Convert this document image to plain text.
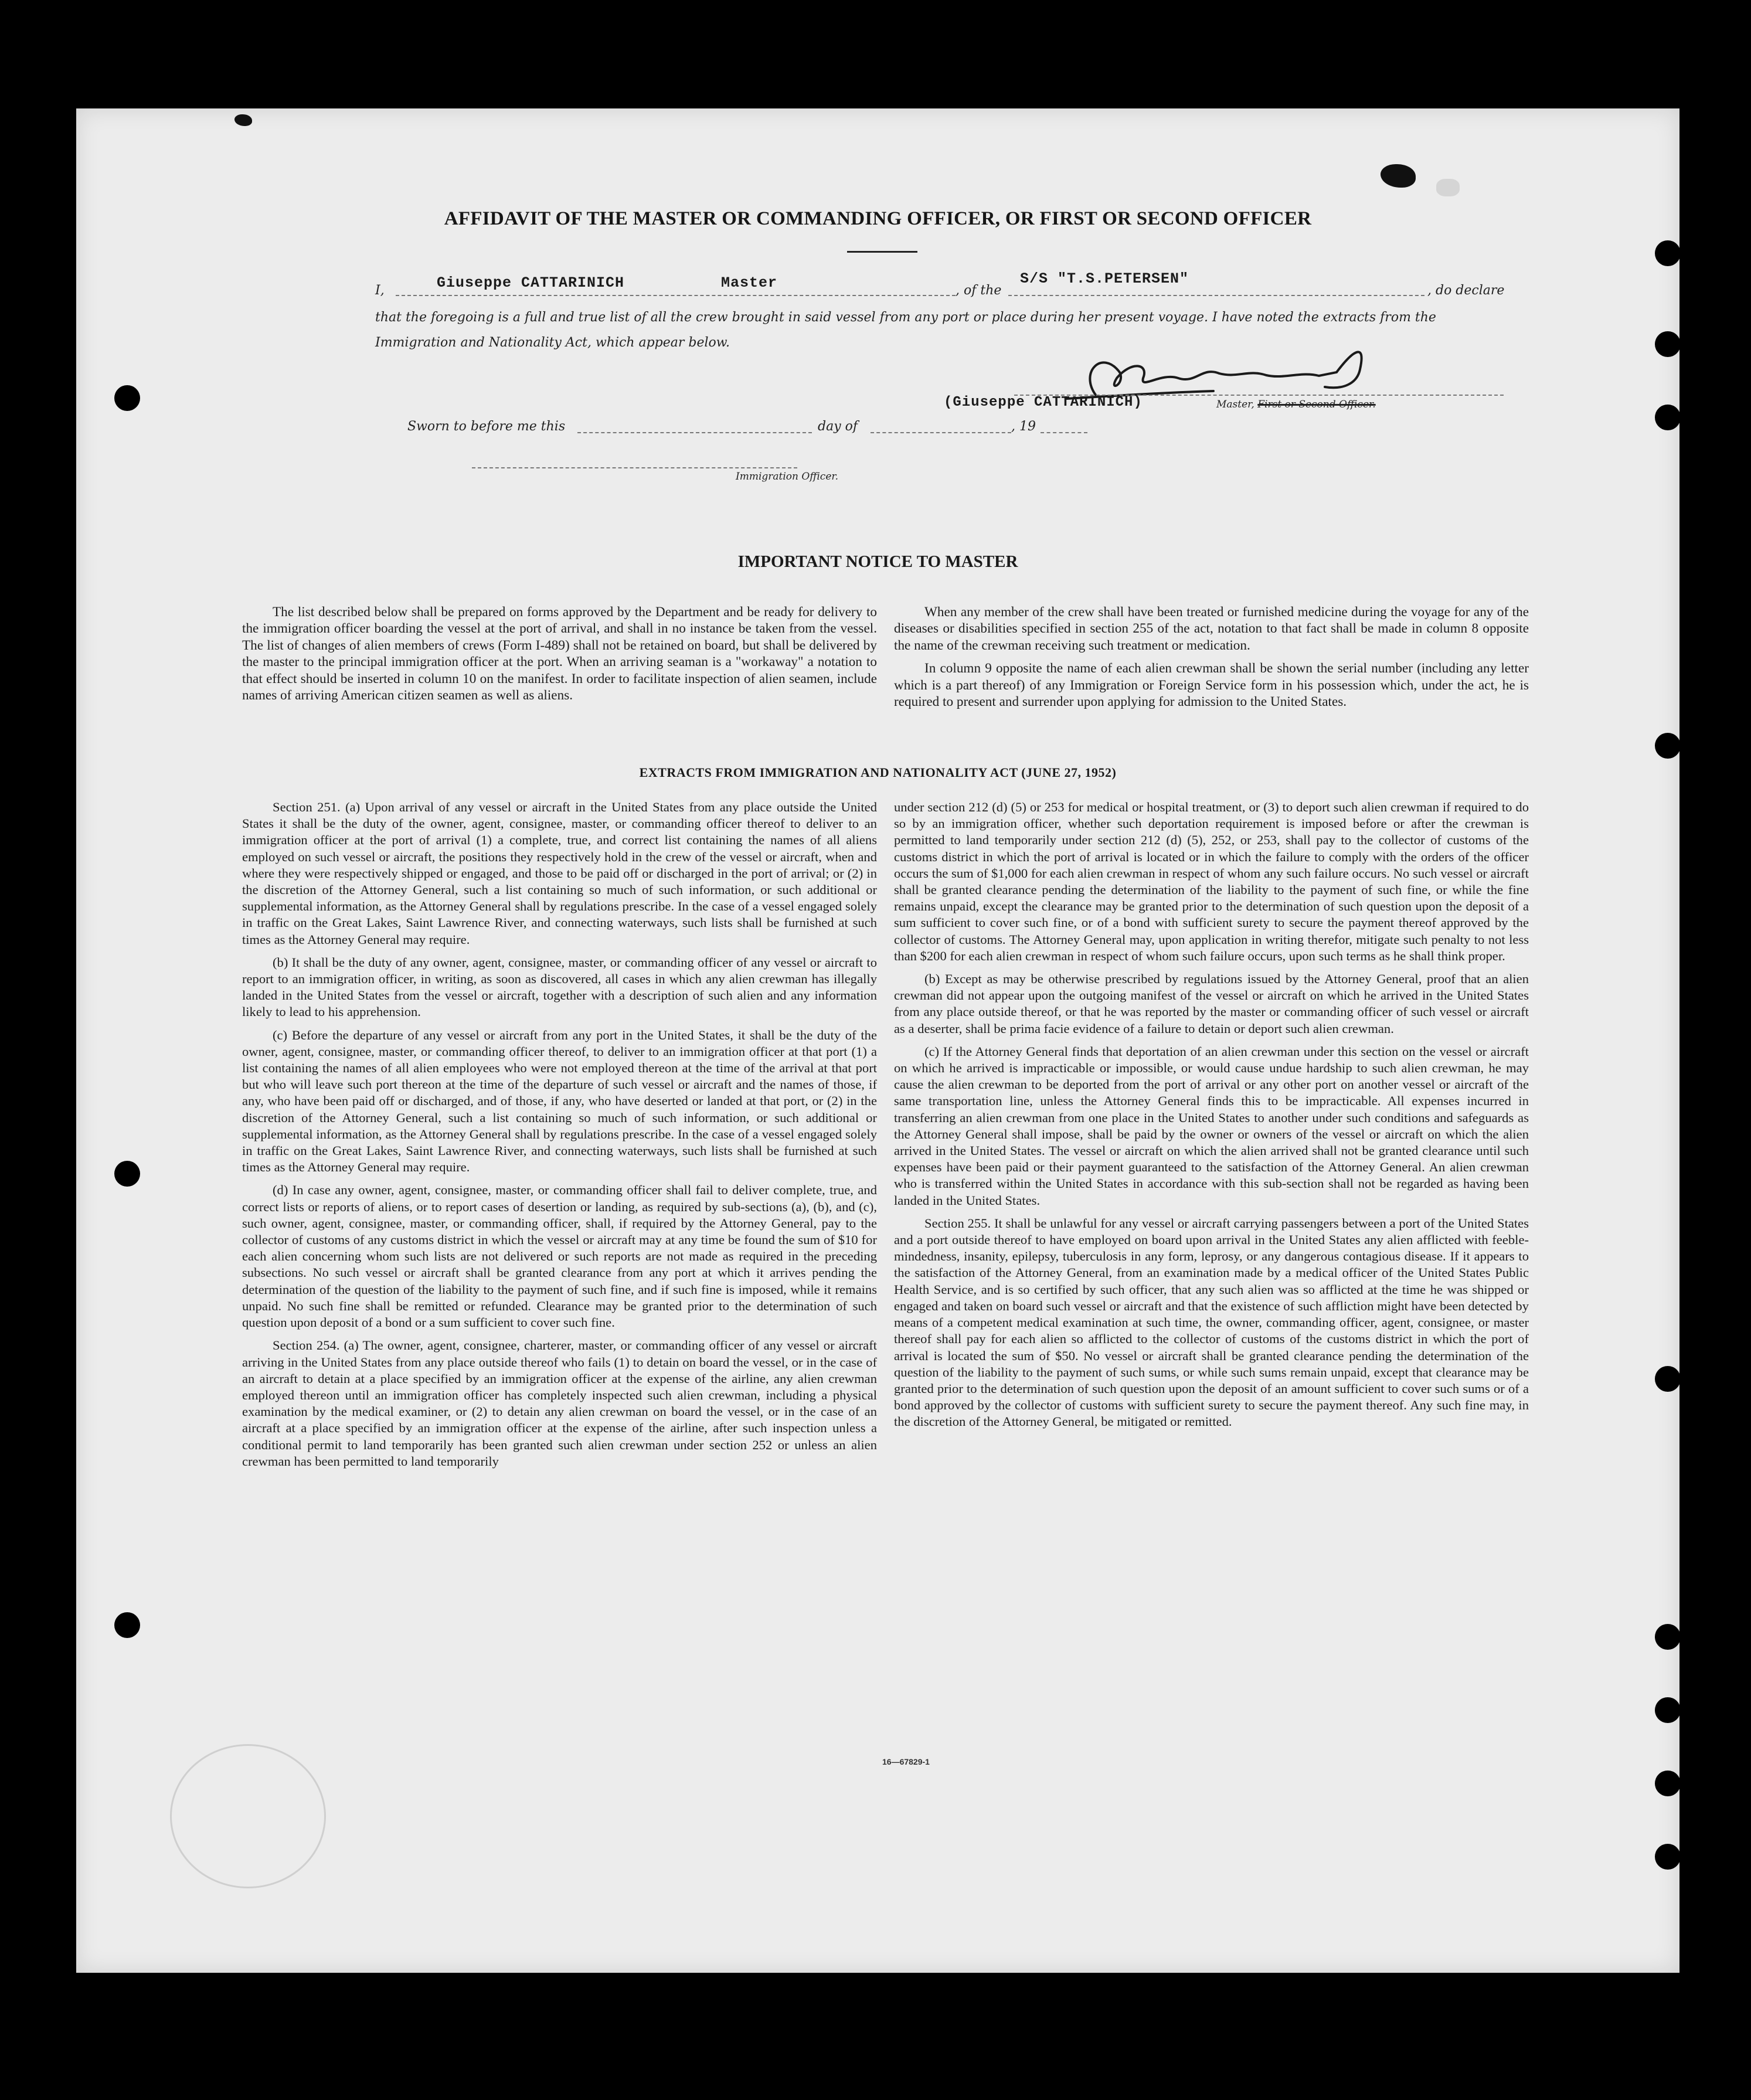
AFFIDAVIT OF THE MASTER OR COMMANDING OFFICER, OR FIRST OR SECOND OFFICER
I,	Giuseppe CATTARINICH	Master	, of the
S/S "T.S.PETERSEN"
, do declare
that the foregoing is a full and true list of all the crew brought in said vessel from any port or place during her present voyage. I have noted the extracts from the Immigration and Nationality Act, which appear below.
(Giuseppe CATTARINICH)	Master, First or Second Officer.
Sworn to before me this	day of	, 19
Immigration Officer.
IMPORTANT NOTICE TO MASTER

The list described below shall be prepared on forms approved by the Department and be ready for delivery to the immigration officer boarding the vessel at the port of arrival, and shall in no instance be taken from the vessel. The list of changes of alien members of crews (Form I-489) shall not be retained on board, but shall be delivered by the master to the principal immigration officer at the port. When an arriving seaman is a "workaway" a notation to that effect should be inserted in column 10 on the manifest. In order to facilitate inspection of alien seamen, include names of arriving American citizen seamen as well as aliens.

When any member of the crew shall have been treated or furnished medicine during the voyage for any of the diseases or disabilities specified in section 255 of the act, notation to that fact shall be made in column 8 opposite the name of the crewman receiving such treatment or medication.

In column 9 opposite the name of each alien crewman shall be shown the serial number (including any letter which is a part thereof) of any Immigration or Foreign Service form in his possession which, under the act, he is required to present and surrender upon applying for admission to the United States.

EXTRACTS FROM IMMIGRATION AND NATIONALITY ACT (JUNE 27, 1952)

Section 251. (a) Upon arrival of any vessel or aircraft in the United States from any place outside the United States it shall be the duty of the owner, agent, consignee, master, or commanding officer thereof to deliver to an immigration officer at the port of arrival (1) a complete, true, and correct list containing the names of all aliens employed on such vessel or aircraft, the positions they respectively hold in the crew of the vessel or aircraft, when and where they were respectively shipped or engaged, and those to be paid off or discharged in the port of arrival; or (2) in the discretion of the Attorney General, such a list containing so much of such information, or such additional or supplemental information, as the Attorney General shall by regulations prescribe. In the case of a vessel engaged solely in traffic on the Great Lakes, Saint Lawrence River, and connecting waterways, such lists shall be furnished at such times as the Attorney General may require.

(b) It shall be the duty of any owner, agent, consignee, master, or commanding officer of any vessel or aircraft to report to an immigration officer, in writing, as soon as discovered, all cases in which any alien crewman has illegally landed in the United States from the vessel or aircraft, together with a description of such alien and any information likely to lead to his apprehension.

(c) Before the departure of any vessel or aircraft from any port in the United States, it shall be the duty of the owner, agent, consignee, master, or commanding officer thereof, to deliver to an immigration officer at that port (1) a list containing the names of all alien employees who were not employed thereon at the time of the arrival at that port but who will leave such port thereon at the time of the departure of such vessel or aircraft and the names of those, if any, who have been paid off or discharged, and of those, if any, who have deserted or landed at that port, or (2) in the discretion of the Attorney General, such a list containing so much of such information, or such additional or supplemental information, as the Attorney General shall by regulations prescribe. In the case of a vessel engaged solely in traffic on the Great Lakes, Saint Lawrence River, and connecting waterways, such lists shall be furnished at such times as the Attorney General may require.

(d) In case any owner, agent, consignee, master, or commanding officer shall fail to deliver complete, true, and correct lists or reports of aliens, or to report cases of desertion or landing, as required by sub-sections (a), (b), and (c), such owner, agent, consignee, master, or commanding officer, shall, if required by the Attorney General, pay to the collector of customs of any customs district in which the vessel or aircraft may at any time be found the sum of $10 for each alien concerning whom such lists are not delivered or such reports are not made as required in the preceding subsections. No such vessel or aircraft shall be granted clearance from any port at which it arrives pending the determination of the question of the liability to the payment of such fine, and if such fine is imposed, while it remains unpaid. No such fine shall be remitted or refunded. Clearance may be granted prior to the determination of such question upon deposit of a bond or a sum sufficient to cover such fine.

Section 254. (a) The owner, agent, consignee, charterer, master, or commanding officer of any vessel or aircraft arriving in the United States from any place outside thereof who fails (1) to detain on board the vessel, or in the case of an aircraft to detain at a place specified by an immigration officer at the expense of the airline, any alien crewman employed thereon until an immigration officer has completely inspected such alien crewman, including a physical examination by the medical examiner, or (2) to detain any alien crewman on board the vessel, or in the case of an aircraft at a place specified by an immigration officer at the expense of the airline, after such inspection unless a conditional permit to land temporarily has been granted such alien crewman under section 252 or unless an alien crewman has been permitted to land temporarily

under section 212 (d) (5) or 253 for medical or hospital treatment, or (3) to deport such alien crewman if required to do so by an immigration officer, whether such deportation requirement is imposed before or after the crewman is permitted to land temporarily under section 212 (d) (5), 252, or 253, shall pay to the collector of customs of the customs district in which the port of arrival is located or in which the failure to comply with the orders of the officer occurs the sum of $1,000 for each alien crewman in respect of whom any such failure occurs. No such vessel or aircraft shall be granted clearance pending the determination of the liability to the payment of such fine, or while the fine remains unpaid, except the clearance may be granted prior to the determination of such question upon the deposit of a sum sufficient to cover such fine, or of a bond with sufficient surety to secure the payment thereof approved by the collector of customs. The Attorney General may, upon application in writing therefor, mitigate such penalty to not less than $200 for each alien crewman in respect of whom such failure occurs, upon such terms as he shall think proper.

(b) Except as may be otherwise prescribed by regulations issued by the Attorney General, proof that an alien crewman did not appear upon the outgoing manifest of the vessel or aircraft on which he arrived in the United States from any place outside thereof, or that he was reported by the master or commanding officer of such vessel or aircraft as a deserter, shall be prima facie evidence of a failure to detain or deport such alien crewman.

(c) If the Attorney General finds that deportation of an alien crewman under this section on the vessel or aircraft on which he arrived is impracticable or impossible, or would cause undue hardship to such alien crewman, he may cause the alien crewman to be deported from the port of arrival or any other port on another vessel or aircraft of the same transportation line, unless the Attorney General finds this to be impracticable. All expenses incurred in transferring an alien crewman from one place in the United States to another under such conditions and safeguards as the Attorney General shall impose, shall be paid by the owner or owners of the vessel or aircraft on which the alien arrived in the United States. The vessel or aircraft on which the alien arrived shall not be granted clearance until such expenses have been paid or their payment guaranteed to the satisfaction of the Attorney General. An alien crewman who is transferred within the United States in accordance with this sub-section shall not be regarded as having been landed in the United States.

Section 255. It shall be unlawful for any vessel or aircraft carrying passengers between a port of the United States and a port outside thereof to have employed on board upon arrival in the United States any alien afflicted with feeble-mindedness, insanity, epilepsy, tuberculosis in any form, leprosy, or any dangerous contagious disease. If it appears to the satisfaction of the Attorney General, from an examination made by a medical officer of the United States Public Health Service, and is so certified by such officer, that any such alien was so afflicted at the time he was shipped or engaged and taken on board such vessel or aircraft and that the existence of such affliction might have been detected by means of a competent medical examination at such time, the owner, commanding officer, agent, consignee, or master thereof shall pay for each alien so afflicted to the collector of customs of the customs district in which the port of arrival is located the sum of $50. No vessel or aircraft shall be granted clearance pending the determination of the question of the liability to the payment of such sums, or while such sums remain unpaid, except that clearance may be granted prior to the determination of such question upon the deposit of an amount sufficient to cover such sums or of a bond approved by the collector of customs with sufficient surety to secure the payment thereof. Any such fine may, in the discretion of the Attorney General, be mitigated or remitted.

16—67829-1
